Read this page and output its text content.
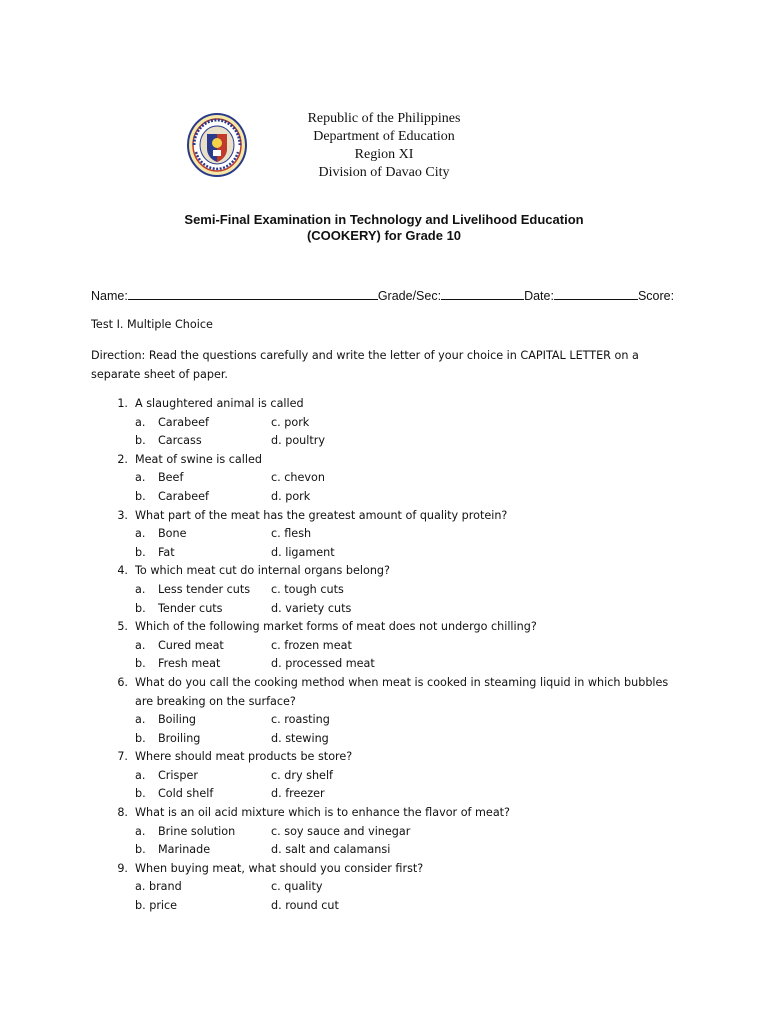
Republic of the Philippines
Department of Education
Region XI
Division of Davao City
Semi-Final Examination in Technology and Livelihood Education
(COOKERY) for Grade 10
Name:	Grade/Sec:	Date:	Score:
Test I. Multiple Choice
Direction: Read the questions carefully and write the letter of your choice in CAPITAL LETTER on a separate sheet of paper.
1. A slaughtered animal is called
a. Carabeef	c. pork
b. Carcass	d. poultry
2. Meat of swine is called
a. Beef	c. chevon
b. Carabeef	d. pork
3. What part of the meat has the greatest amount of quality protein?
a. Bone	c. flesh
b. Fat	d. ligament
4. To which meat cut do internal organs belong?
a. Less tender cuts c. tough cuts
b. Tender cuts	d. variety cuts
5. Which of the following market forms of meat does not undergo chilling?
a. Cured meat	c. frozen meat
b. Fresh meat	d. processed meat
6. What do you call the cooking method when meat is cooked in steaming liquid in which bubbles are breaking on the surface?
a. Boiling	c. roasting
b. Broiling	d. stewing
7. Where should meat products be store?
a. Crisper	c. dry shelf
b. Cold shelf	d. freezer
8. What is an oil acid mixture which is to enhance the flavor of meat?
a. Brine solution	c. soy sauce and vinegar
b. Marinade	d. salt and calamansi
9. When buying meat, what should you consider first?
a. brand	c. quality
b. price	d. round cut
